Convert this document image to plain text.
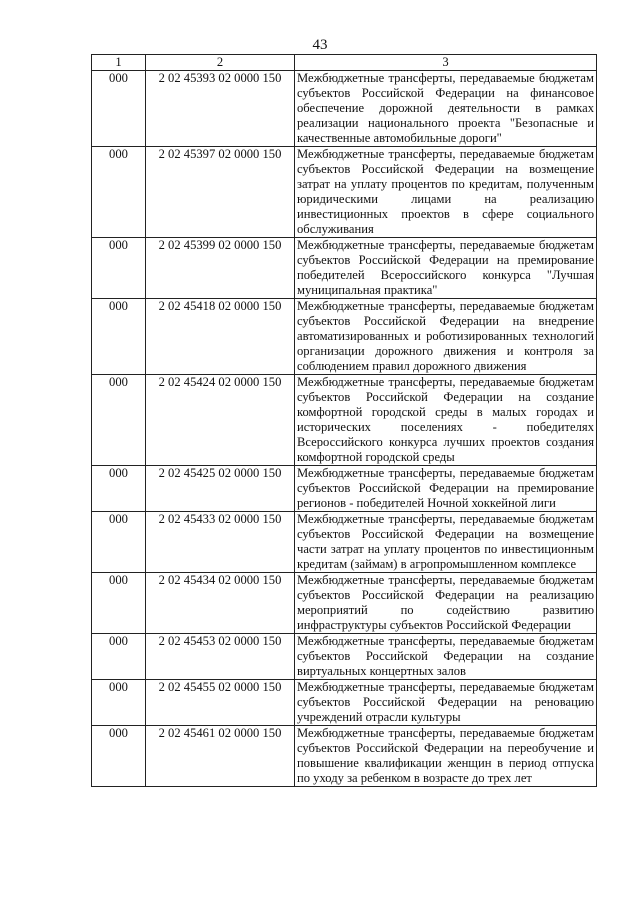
43
1	2	3
000	2 02 45393 02 0000 150	Межбюджетные трансферты, передаваемые бюджетам субъектов Российской Федерации на финансовое обеспечение дорожной деятельности в рамках реализации национального проекта "Безопасные и качественные автомобильные дороги"
000	2 02 45397 02 0000 150	Межбюджетные трансферты, передаваемые бюджетам субъектов Российской Федерации на возмещение затрат на уплату процентов по кредитам, полученным юридическими лицами на реализацию инвестиционных проектов в сфере социального обслуживания
000	2 02 45399 02 0000 150	Межбюджетные трансферты, передаваемые бюджетам субъектов Российской Федерации на премирование победителей Всероссийского конкурса "Лучшая муниципальная практика"
000	2 02 45418 02 0000 150	Межбюджетные трансферты, передаваемые бюджетам субъектов Российской Федерации на внедрение автоматизированных и роботизированных технологий организации дорожного движения и контроля за соблюдением правил дорожного движения
000	2 02 45424 02 0000 150	Межбюджетные трансферты, передаваемые бюджетам субъектов Российской Федерации на создание комфортной городской среды в малых городах и исторических поселениях - победителях Всероссийского конкурса лучших проектов создания комфортной городской среды
000	2 02 45425 02 0000 150	Межбюджетные трансферты, передаваемые бюджетам субъектов Российской Федерации на премирование регионов - победителей Ночной хоккейной лиги
000	2 02 45433 02 0000 150	Межбюджетные трансферты, передаваемые бюджетам субъектов Российской Федерации на возмещение части затрат на уплату процентов по инвестиционным кредитам (займам) в агропромышленном комплексе
000	2 02 45434 02 0000 150	Межбюджетные трансферты, передаваемые бюджетам субъектов Российской Федерации на реализацию мероприятий по содействию развитию инфраструктуры субъектов Российской Федерации
000	2 02 45453 02 0000 150	Межбюджетные трансферты, передаваемые бюджетам субъектов Российской Федерации на создание виртуальных концертных залов
000	2 02 45455 02 0000 150	Межбюджетные трансферты, передаваемые бюджетам субъектов Российской Федерации на реновацию учреждений отрасли культуры
000	2 02 45461 02 0000 150	Межбюджетные трансферты, передаваемые бюджетам субъектов Российской Федерации на переобучение и повышение квалификации женщин в период отпуска по уходу за ребенком в возрасте до трех лет
